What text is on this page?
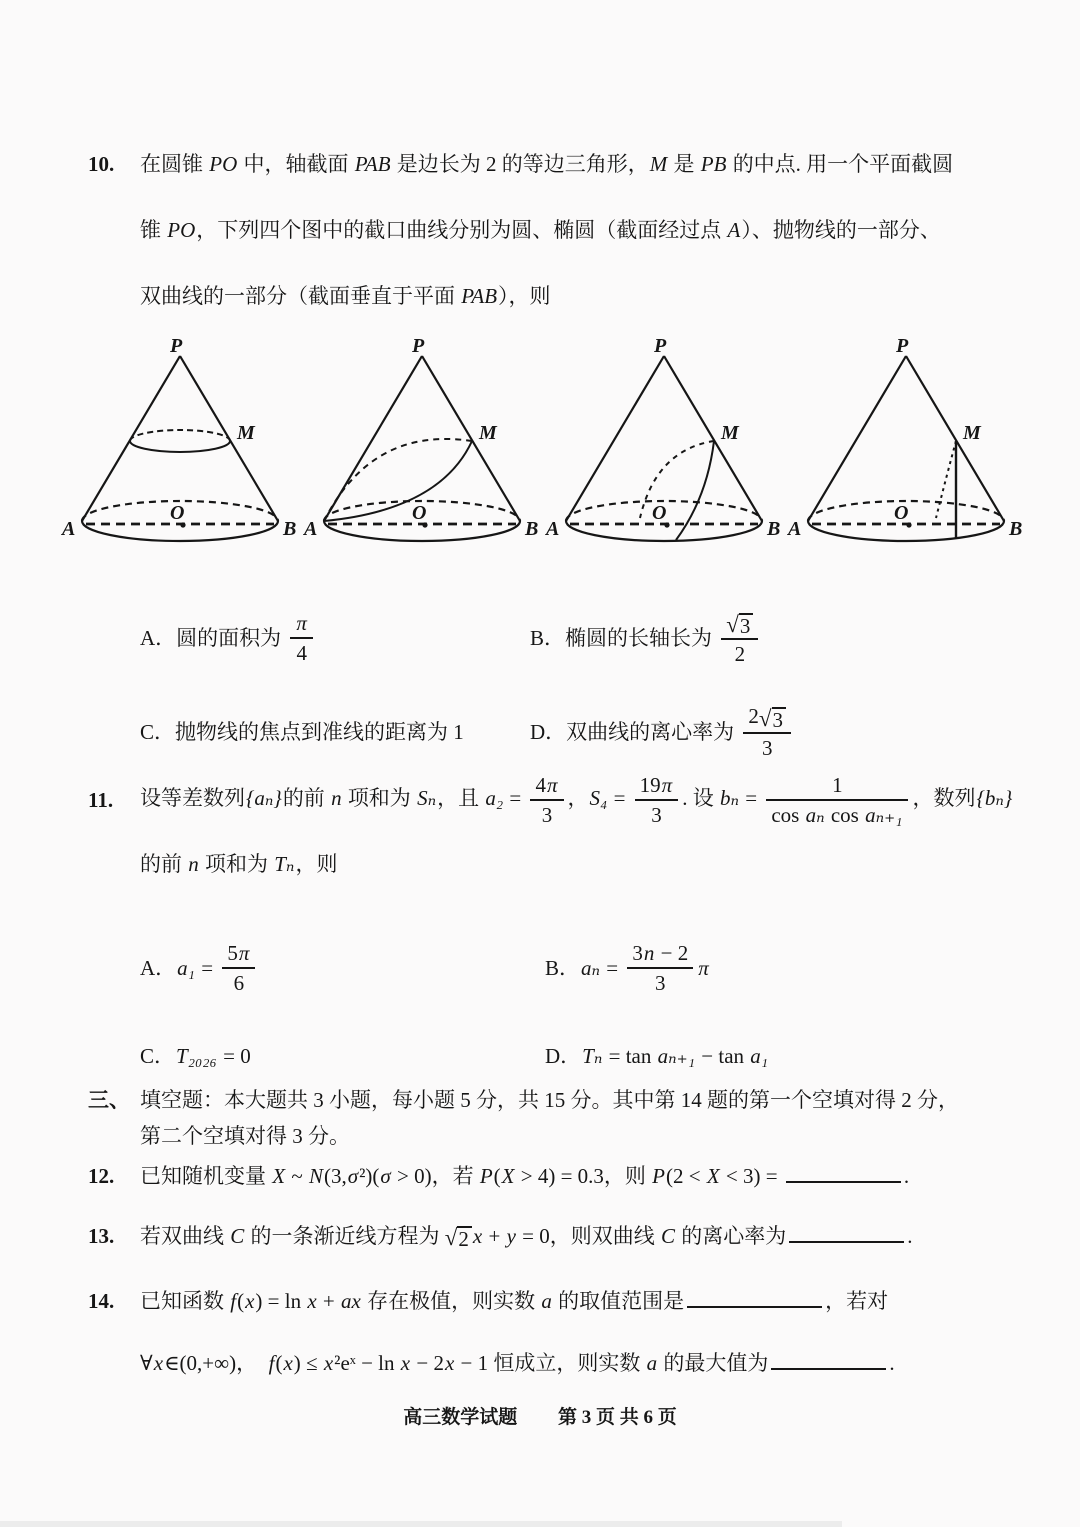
10.	在圆锥 PO 中，轴截面 PAB 是边长为 2 的等边三角形，M 是 PB 的中点. 用一个平面截圆
锥 PO，下列四个图中的截口曲线分别为圆、椭圆（截面经过点 A）、抛物线的一部分、
双曲线的一部分（截面垂直于平面 PAB），则
P
A	B
O
M
P
A	B
O
M
P
A	B
O
M
P
A	B
O
M
A．圆的面积为 $\frac{\pi}{4}$	B．椭圆的长轴长为 $\frac{√ 3}{2}$
C．抛物线的焦点到准线的距离为 1	D．双曲线的离心率为 $\frac{2 √ 3}{3}$
11.	设等差数列{aₙ}的前 n 项和为 Sₙ，且 $a_2 = \frac{4\pi}{3}$ ，$S_4 = \frac{19\pi}{3}$ . 设 $b_n = \frac{1}{\text{cos aₙ cos aₙ₊₁}}$ ，数列{bₙ}
的前 n 项和为 Tₙ，则
A． $a_1 = \frac{5\pi}{6}$	B． $a_n = \frac{3n - 2}{3}$ π
C． T₂₀₂₆ = 0	D． Tₙ = tan aₙ₊₁ − tan a₁
三、 填空题：本大题共 3 小题，每小题 5 分，共 15 分。其中第 14 题的第一个空填对得 2 分，
第二个空填对得 3 分。
12.	已知随机变量 X ~ N(3,σ²)(σ > 0)，若 P(X > 4) = 0.3，则 P(2 < X < 3) =	.
13.	若双曲线 C 的一条渐近线方程为 √ 2 x + y = 0，则双曲线 C 的离心率为	.
14.	已知函数 f(x) = ln x + ax 存在极值，则实数 a 的取值范围是	，若对
∀x∈(0,+∞)，  f(x) ≤ x²eˣ − ln x − 2x − 1 恒成立，则实数 a 的最大值为	.
高三数学试题 第 3 页 共 6 页
